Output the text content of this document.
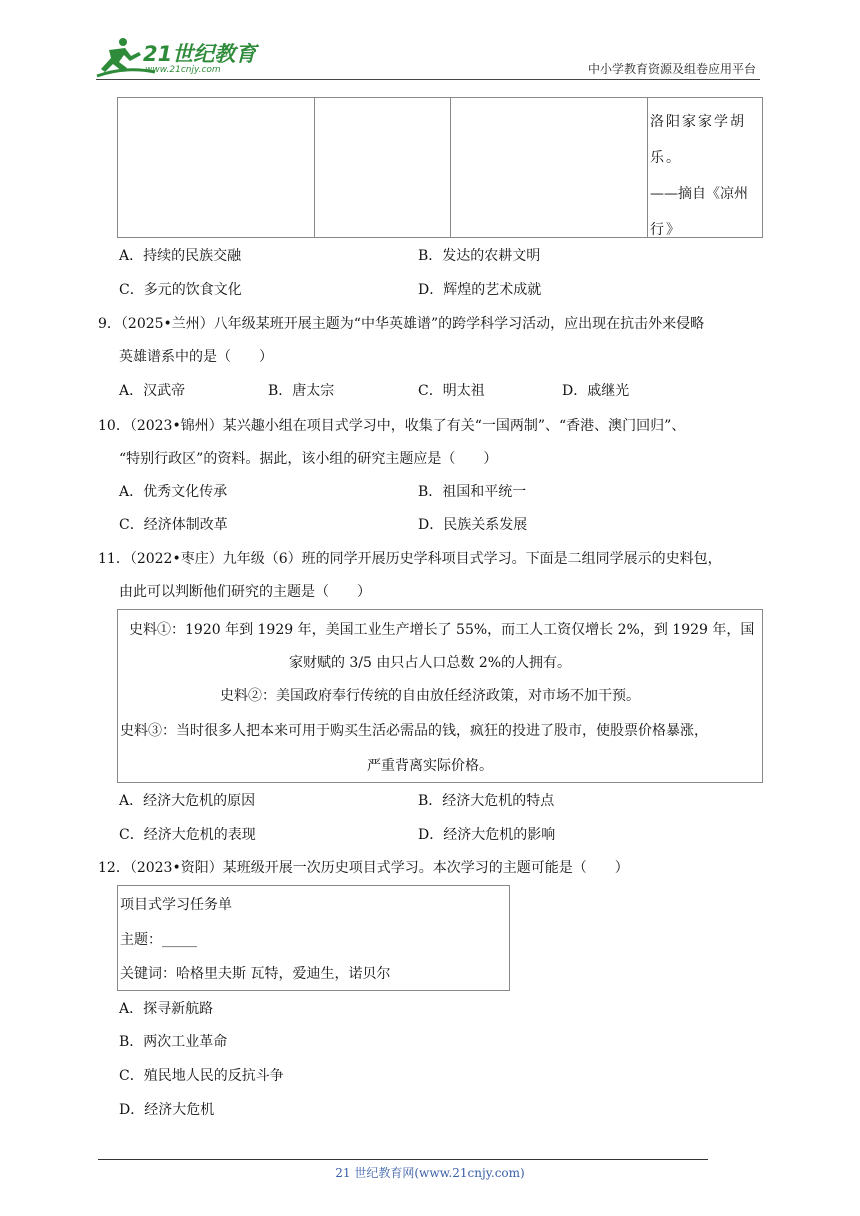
21世纪教育
www.21cnjy.com	中小学教育资源及组卷应用平台
洛阳家家学胡
乐。
——摘自《凉州
行》
A．持续的民族交融	B．发达的农耕文明
C．多元的饮食文化	D．辉煌的艺术成就
9．（2025•兰州）八年级某班开展主题为“中华英雄谱”的跨学科学习活动，应出现在抗击外来侵略
英雄谱系中的是（　　）
A．汉武帝	B．唐太宗	C．明太祖	D．戚继光
10．（2023•锦州）某兴趣小组在项目式学习中，收集了有关“一国两制”、“香港、澳门回归”、
“特别行政区”的资料。据此，该小组的研究主题应是（　　）
A．优秀文化传承	B．祖国和平统一
C．经济体制改革	D．民族关系发展
11．（2022•枣庄）九年级（6）班的同学开展历史学科项目式学习。下面是二组同学展示的史料包，
由此可以判断他们研究的主题是（　　）
史料①：1920 年到 1929 年，美国工业生产增长了 55%，而工人工资仅增长 2%，到 1929 年，国
家财赋的 3/5 由只占人口总数 2%的人拥有。
史料②：美国政府奉行传统的自由放任经济政策，对市场不加干预。
史料③：当时很多人把本来可用于购买生活必需品的钱，疯狂的投进了股市，使股票价格暴涨，
严重背离实际价格。
A．经济大危机的原因	B．经济大危机的特点
C．经济大危机的表现	D．经济大危机的影响
12．（2023•资阳）某班级开展一次历史项目式学习。本次学习的主题可能是（　　）
项目式学习任务单
主题：_____
关键词：哈格里夫斯 瓦特，爱迪生，诺贝尔
A．探寻新航路
B．两次工业革命
C．殖民地人民的反抗斗争
D．经济大危机
21 世纪教育网(www.21cnjy.com)
